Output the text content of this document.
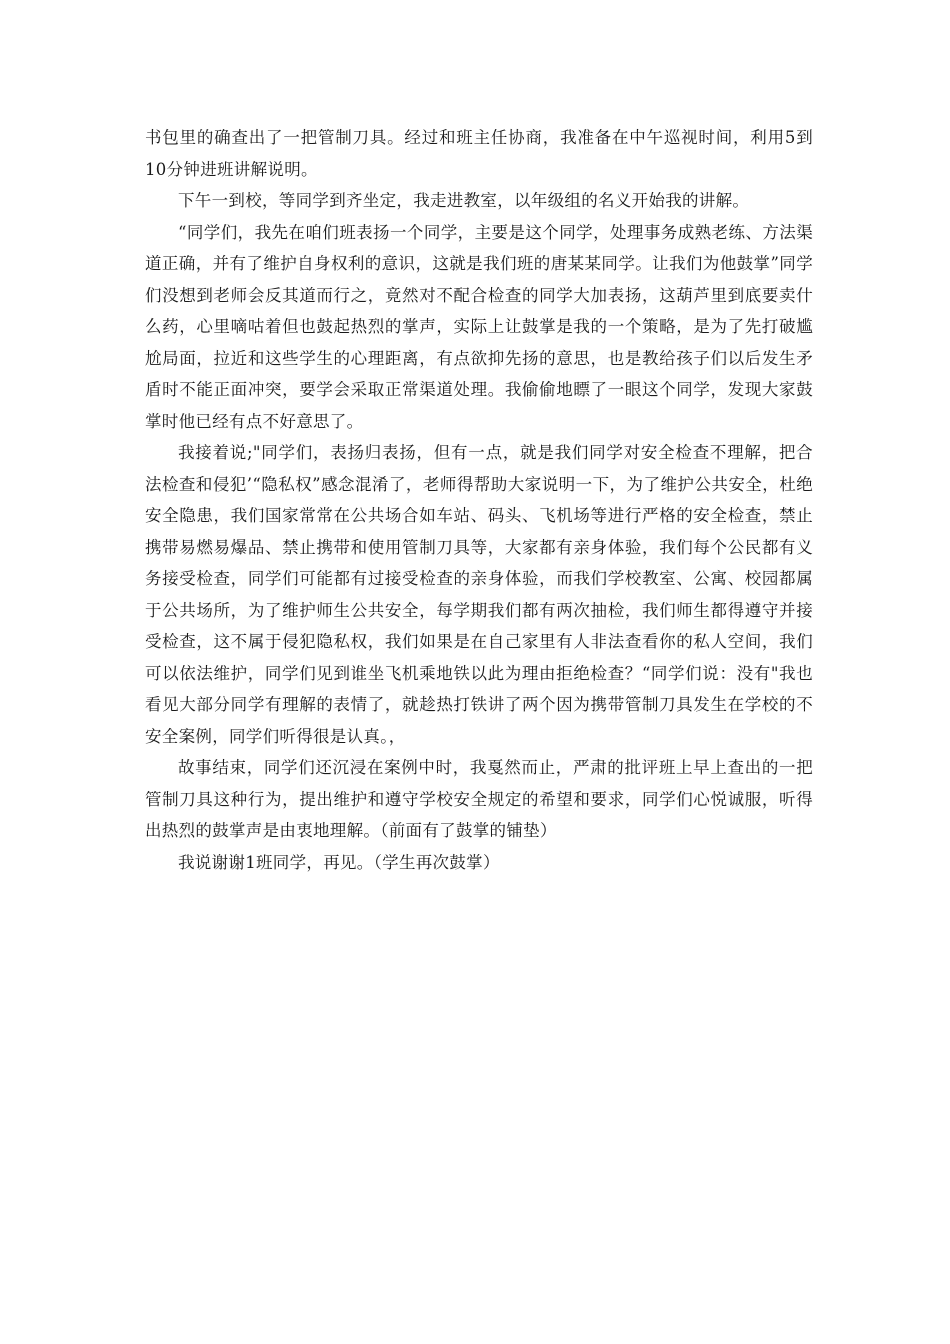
书包里的确查出了一把管制刀具。经过和班主任协商，我准备在中午巡视时间，利用5到10分钟进班讲解说明。

下午一到校，等同学到齐坐定，我走进教室，以年级组的名义开始我的讲解。

“同学们，我先在咱们班表扬一个同学，主要是这个同学，处理事务成熟老练、方法渠道正确，并有了维护自身权利的意识，这就是我们班的唐某某同学。让我们为他鼓掌”同学们没想到老师会反其道而行之，竟然对不配合检查的同学大加表扬，这葫芦里到底要卖什么药，心里嘀咕着但也鼓起热烈的掌声，实际上让鼓掌是我的一个策略，是为了先打破尴尬局面，拉近和这些学生的心理距离，有点欲抑先扬的意思，也是教给孩子们以后发生矛盾时不能正面冲突，要学会采取正常渠道处理。我偷偷地瞟了一眼这个同学，发现大家鼓掌时他已经有点不好意思了。

我接着说;"同学们，表扬归表扬，但有一点，就是我们同学对安全检查不理解，把合法检查和侵犯’“隐私权”感念混淆了，老师得帮助大家说明一下，为了维护公共安全，杜绝安全隐患，我们国家常常在公共场合如车站、码头、飞机场等进行严格的安全检查，禁止携带易燃易爆品、禁止携带和使用管制刀具等，大家都有亲身体验，我们每个公民都有义务接受检查，同学们可能都有过接受检查的亲身体验，而我们学校教室、公寓、校园都属于公共场所，为了维护师生公共安全，每学期我们都有两次抽检，我们师生都得遵守并接受检查，这不属于侵犯隐私权，我们如果是在自己家里有人非法查看你的私人空间，我们可以依法维护，同学们见到谁坐飞机乘地铁以此为理由拒绝检查？“同学们说：没有"我也看见大部分同学有理解的表情了，就趁热打铁讲了两个因为携带管制刀具发生在学校的不安全案例，同学们听得很是认真。，

故事结束，同学们还沉浸在案例中时，我戛然而止，严肃的批评班上早上查出的一把管制刀具这种行为，提出维护和遵守学校安全规定的希望和要求，同学们心悦诚服，听得出热烈的鼓掌声是由衷地理解。（前面有了鼓掌的铺垫）

我说谢谢1班同学，再见。（学生再次鼓掌）
